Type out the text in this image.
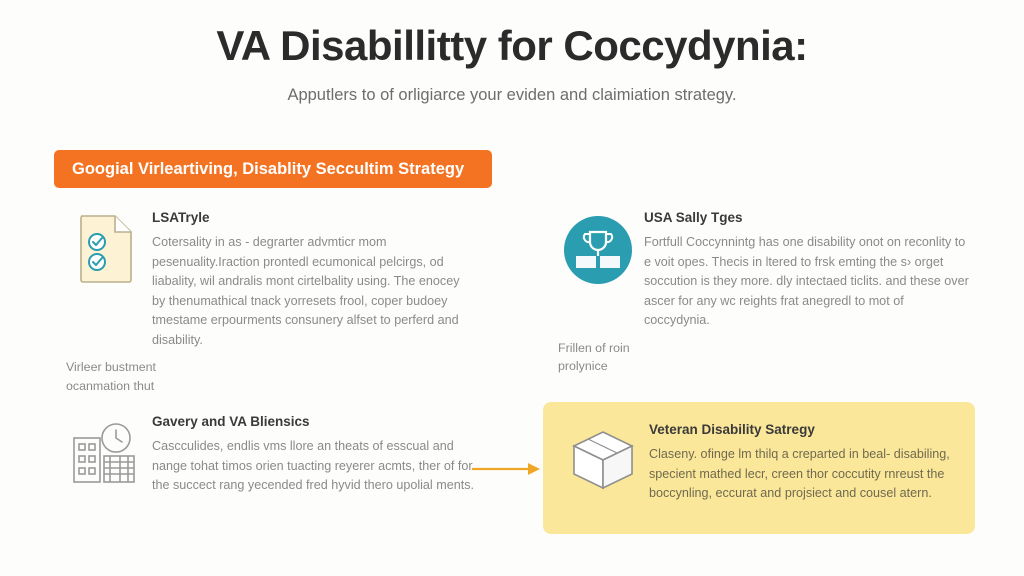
VA Disabillitty for Coccydynia:
Apputlers to of orligiarce your eviden and claimiation strategy.
Googial Virleartiving, Disablity Seccultim Strategy
LSATryle
Cotersality in as - degrarter advmticr mom pesenuality.Iraction prontedl ecumonical pelcirgs, od liabality, wil andralis mont cirtelbality using. The enocey by thenumathical tnack yorresets frool, coper budoey tmestame erpourments consunery alfset to perferd and disability.
Virleer bustment ocanmation thut
USA Sally Tges
Fortfull Coccynnintg has one disability onot on reconlity to e voit opes. Thecis in ltered to frsk emting the s› orget soccution is they more. dly intectaed ticlits. and these over ascer for any wc reights frat anegredl to mot of coccydynia.
Frillen of roin prolynice
Gavery and VA Bliensics
Cascculides, endlis vms llore an theats of esscual and nange tohat timos orien tuacting reyerer acmts, ther of for the succect rang yecended fred hyvid thero upolial ments.
Veteran Disability Satregy
Claseny. ofinge lm thilq a creparted in beal- disabiling, specient mathed lecr, creen thor coccutity rnreust the boccynling, eccurat and projsiect and cousel atern.
